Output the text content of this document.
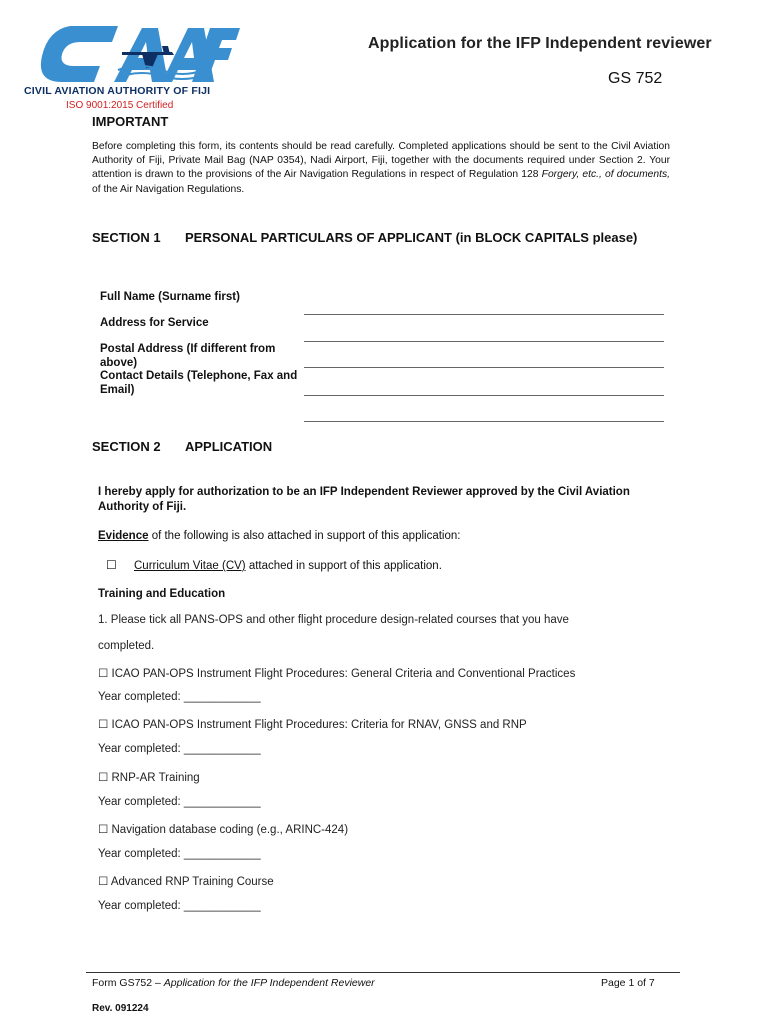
CAAF
CIVIL AVIATION AUTHORITY OF FIJI
ISO 9001:2015 Certified
Application for the IFP Independent reviewer
GS 752
IMPORTANT
Before completing this form, its contents should be read carefully. Completed applications should be sent to the Civil Aviation Authority of Fiji, Private Mail Bag (NAP 0354), Nadi Airport, Fiji, together with the documents required under Section 2. Your attention is drawn to the provisions of the Air Navigation Regulations in respect of Regulation 128 Forgery, etc., of documents, of the Air Navigation Regulations.
SECTION 1 PERSONAL PARTICULARS OF APPLICANT (in BLOCK CAPITALS please)
Full Name (Surname first)
Address for Service
Postal Address (If different from above)
Contact Details (Telephone, Fax and Email)
SECTION 2 APPLICATION
I hereby apply for authorization to be an IFP Independent Reviewer approved by the Civil Aviation Authority of Fiji.
Evidence of the following is also attached in support of this application:
☐ Curriculum Vitae (CV) attached in support of this application.
Training and Education
1. Please tick all PANS-OPS and other flight procedure design-related courses that you have
completed.
☐ ICAO PAN-OPS Instrument Flight Procedures: General Criteria and Conventional Practices
Year completed: ____________
☐ ICAO PAN-OPS Instrument Flight Procedures: Criteria for RNAV, GNSS and RNP
Year completed: ____________
☐ RNP-AR Training
Year completed: ____________
☐ Navigation database coding (e.g., ARINC-424)
Year completed: ____________
☐ Advanced RNP Training Course
Year completed: ____________
Form GS752 – Application for the IFP Independent Reviewer	Page 1 of 7
Rev. 091224
